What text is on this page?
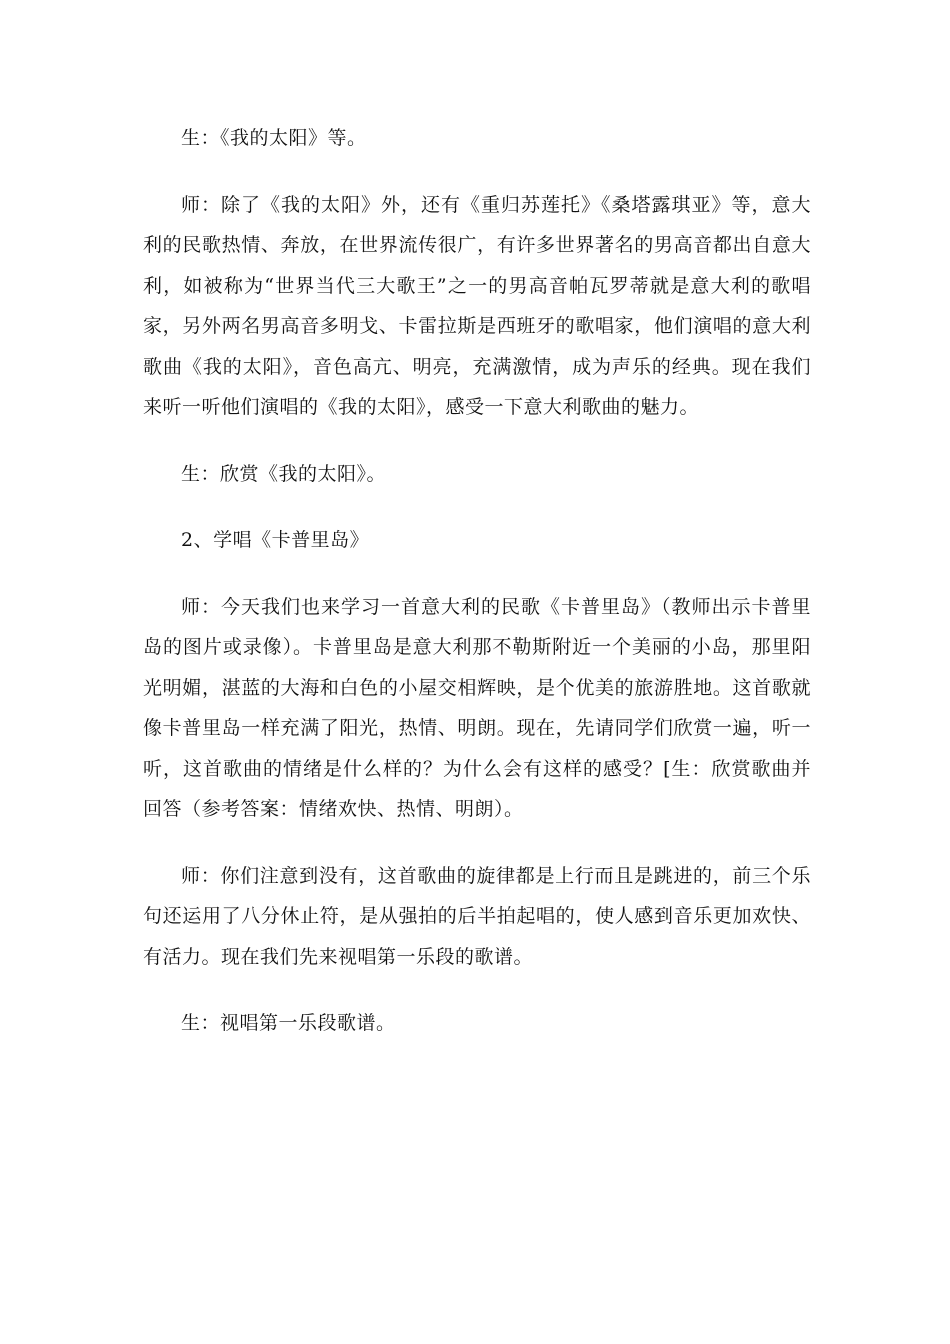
生：《我的太阳》等。

师：除了《我的太阳》外，还有《重归苏莲托》《桑塔露琪亚》等，意大利的民歌热情、奔放，在世界流传很广，有许多世界著名的男高音都出自意大利，如被称为“世界当代三大歌王”之一的男高音帕瓦罗蒂就是意大利的歌唱家，另外两名男高音多明戈、卡雷拉斯是西班牙的歌唱家，他们演唱的意大利歌曲《我的太阳》，音色高亢、明亮，充满激情，成为声乐的经典。现在我们来听一听他们演唱的《我的太阳》，感受一下意大利歌曲的魅力。

生：欣赏《我的太阳》。

2、学唱《卡普里岛》

师：今天我们也来学习一首意大利的民歌《卡普里岛》（教师出示卡普里岛的图片或录像）。卡普里岛是意大利那不勒斯附近一个美丽的小岛，那里阳光明媚，湛蓝的大海和白色的小屋交相辉映，是个优美的旅游胜地。这首歌就像卡普里岛一样充满了阳光，热情、明朗。现在，先请同学们欣赏一遍，听一听，这首歌曲的情绪是什么样的？为什么会有这样的感受？[生：欣赏歌曲并回答（参考答案：情绪欢快、热情、明朗）。

师：你们注意到没有，这首歌曲的旋律都是上行而且是跳进的，前三个乐句还运用了八分休止符，是从强拍的后半拍起唱的，使人感到音乐更加欢快、有活力。现在我们先来视唱第一乐段的歌谱。

生：视唱第一乐段歌谱。
